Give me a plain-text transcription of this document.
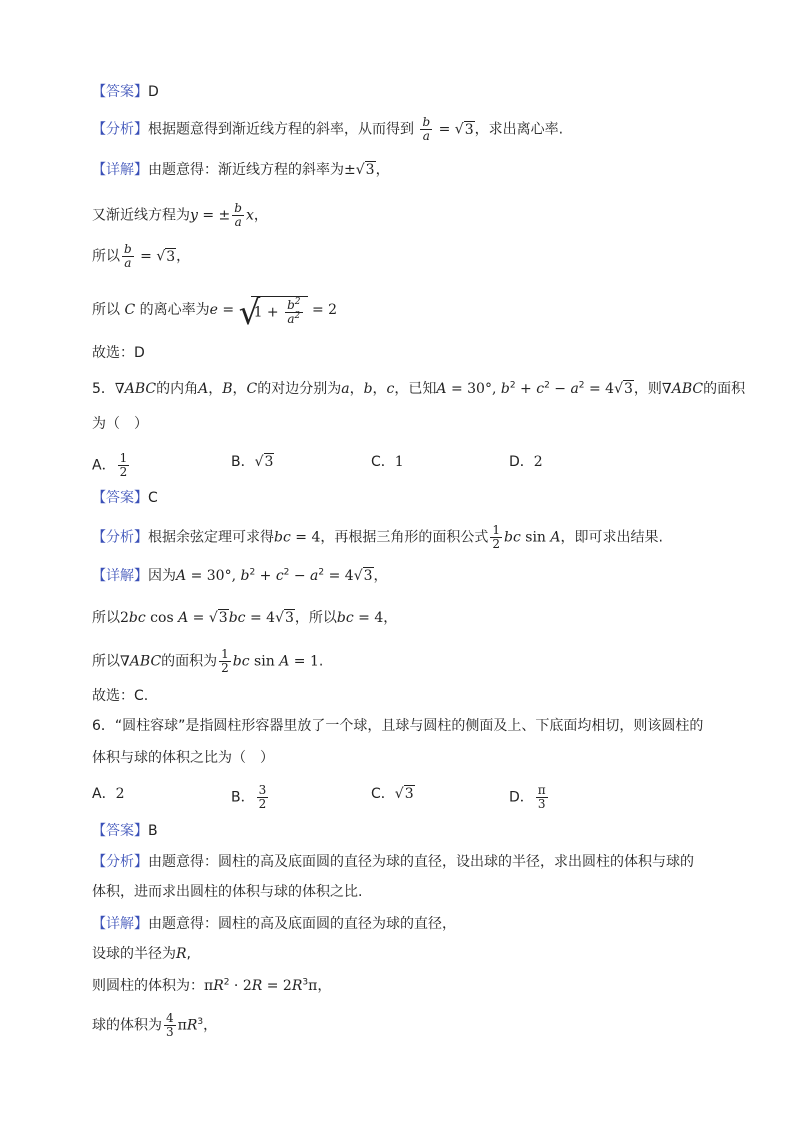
【答案】D
【分析】根据题意得到渐近线方程的斜率，从而得到 $\frac{b}{a} = √3$，求出离心率.
【详解】由题意得：渐近线方程的斜率为±√3，
又渐近线方程为y = ± $\frac{b}{a}$ x，
所以 $\frac{b}{a} = √3$，
所以 C 的离心率为e = √
$1 + \frac{b^2}{a^2} = 2$
故选：D
5．∇ABC的内角A，B，C的对边分别为a，b，c，已知A = 30°, $b^2 + c^2 - a^2 = 4√3$，则∇ABC的面积
为（　）
A． $\frac{1}{2}$	B．√3	C．1	D．2
【答案】C
【分析】根据余弦定理可求得bc = 4，再根据三角形的面积公式 $\frac{1}{2}$ bc sin A，即可求出结果.
【详解】因为A = 30°, $b^2 + c^2 - a^2 = 4√3$，
所以2bc cos A = √3bc = 4√3，所以bc = 4，
所以∇ABC的面积为 $\frac{1}{2}$ bc sin A = 1.
故选：C.
6．“圆柱容球”是指圆柱形容器里放了一个球，且球与圆柱的侧面及上、下底面均相切，则该圆柱的
体积与球的体积之比为（　）
A．2	B． $\frac{3}{2}$	C．√3	D． $\frac{\pi}{3}$
【答案】B
【分析】由题意得：圆柱的高及底面圆的直径为球的直径，设出球的半径，求出圆柱的体积与球的
体积，进而求出圆柱的体积与球的体积之比.
【详解】由题意得：圆柱的高及底面圆的直径为球的直径，
设球的半径为R,
则圆柱的体积为：$\pi R^2 \cdot 2R = 2R^3\pi$，
球的体积为 $\frac{4}{3} \pi R^3$，
